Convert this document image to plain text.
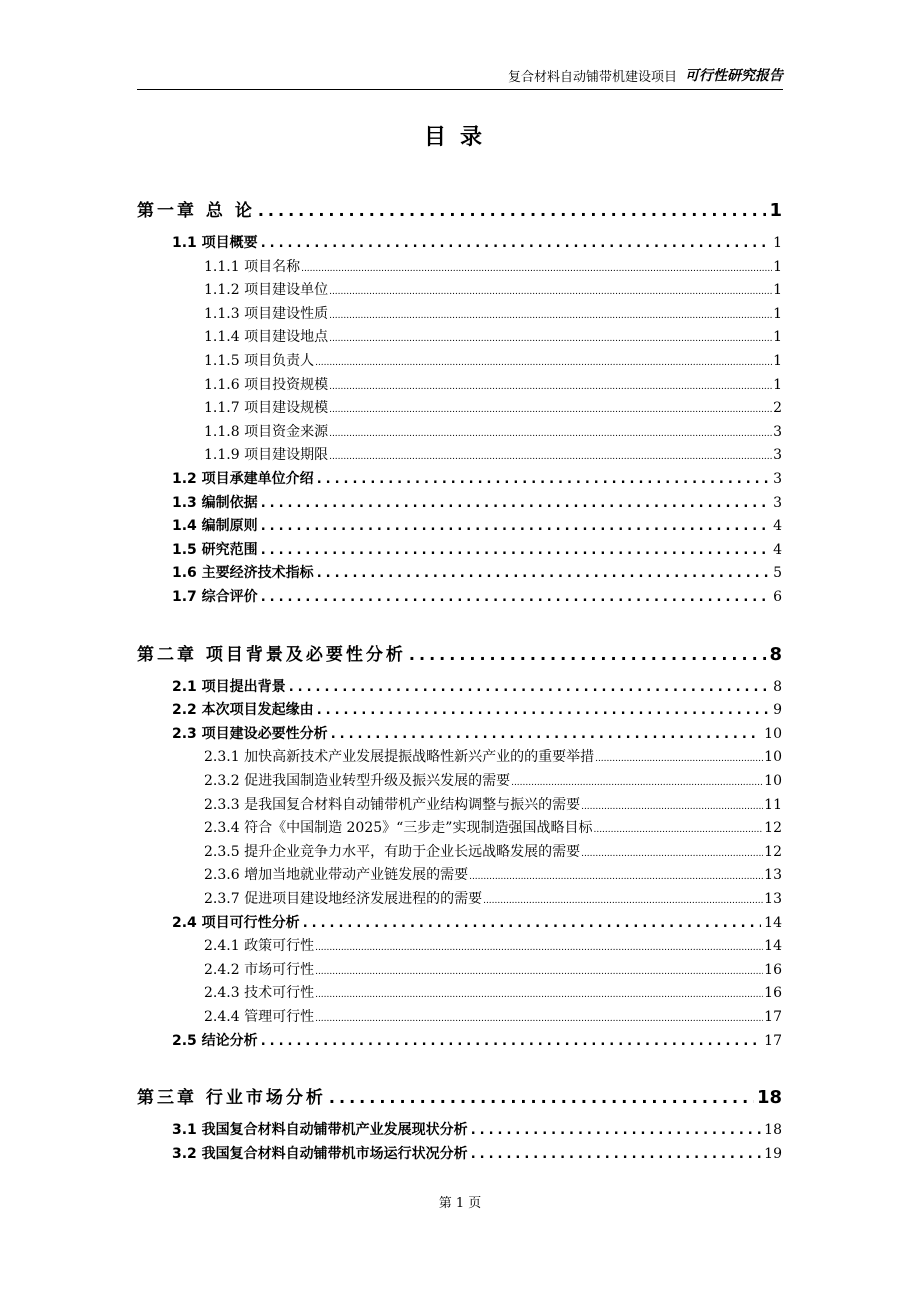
复合材料自动铺带机建设项目 可行性研究报告
目录
第一章 总 论 .....	1
1.1 项目概要 .....	1
1.1.1 项目名称 .....	1
1.1.2 项目建设单位 .....	1
1.1.3 项目建设性质 .....	1
1.1.4 项目建设地点 .....	1
1.1.5 项目负责人 .....	1
1.1.6 项目投资规模 .....	1
1.1.7 项目建设规模 .....	2
1.1.8 项目资金来源 .....	3
1.1.9 项目建设期限 .....	3
1.2 项目承建单位介绍 .....	3
1.3 编制依据 .....	3
1.4 编制原则 .....	4
1.5 研究范围 .....	4
1.6 主要经济技术指标 .....	5
1.7 综合评价 .....	6
第二章 项目背景及必要性分析 .....	8
2.1 项目提出背景 .....	8
2.2 本次项目发起缘由 .....	9
2.3 项目建设必要性分析 .....	10
2.3.1 加快高新技术产业发展提振战略性新兴产业的的重要举措 .....	10
2.3.2 促进我国制造业转型升级及振兴发展的需要 .....	10
2.3.3 是我国复合材料自动铺带机产业结构调整与振兴的需要 .....	11
2.3.4 符合《中国制造 2025》“三步走”实现制造强国战略目标 .....	12
2.3.5 提升企业竞争力水平，有助于企业长远战略发展的需要 .....	12
2.3.6 增加当地就业带动产业链发展的需要 .....	13
2.3.7 促进项目建设地经济发展进程的的需要 .....	13
2.4 项目可行性分析 .....	14
2.4.1 政策可行性 .....	14
2.4.2 市场可行性 .....	16
2.4.3 技术可行性 .....	16
2.4.4 管理可行性 .....	17
2.5 结论分析 .....	17
第三章 行业市场分析 .....	18
3.1 我国复合材料自动铺带机产业发展现状分析 .....	18
3.2 我国复合材料自动铺带机市场运行状况分析 .....	19
第 1 页
